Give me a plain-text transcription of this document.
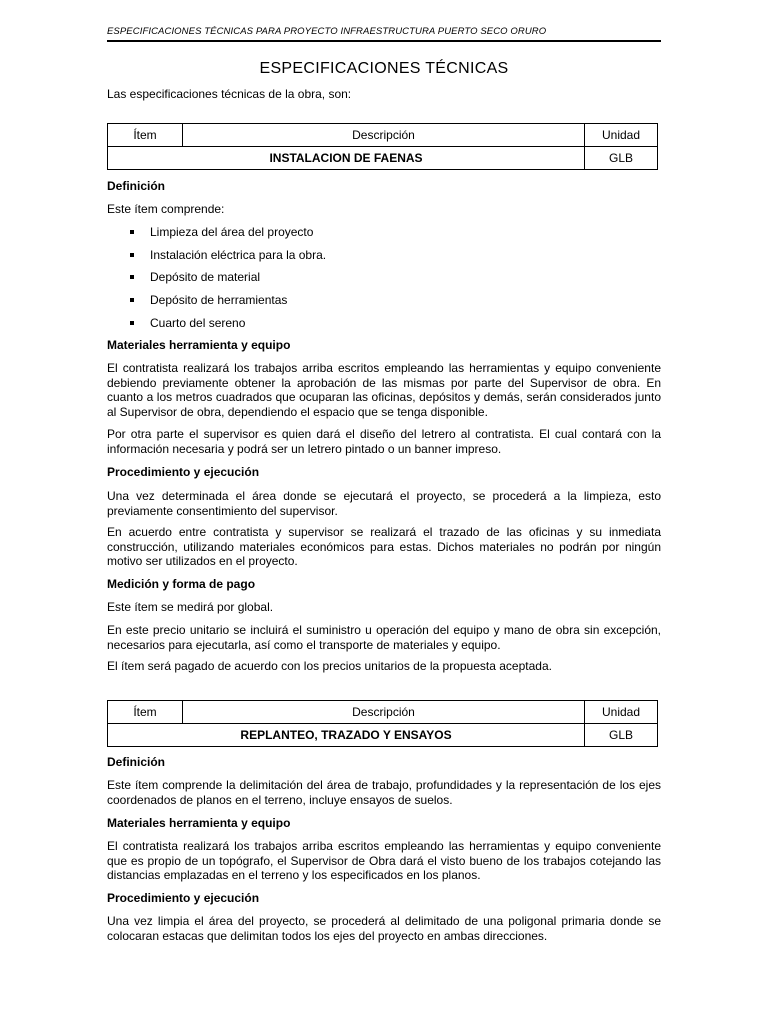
ESPECIFICACIONES TÉCNICAS PARA PROYECTO INFRAESTRUCTURA PUERTO SECO ORURO
ESPECIFICACIONES TÉCNICAS
Las especificaciones técnicas de la obra, son:
Ítem	Descripción	Unidad
INSTALACION DE FAENAS		GLB
Definición
Este ítem comprende:
Limpieza del área del proyecto
Instalación eléctrica para la obra.
Depósito de material
Depósito de herramientas
Cuarto del sereno
Materiales herramienta y equipo
El contratista realizará los trabajos arriba escritos empleando las herramientas y equipo conveniente debiendo previamente obtener la aprobación de las mismas por parte del Supervisor de obra. En cuanto a los metros cuadrados que ocuparan las oficinas, depósitos y demás, serán considerados junto al Supervisor de obra, dependiendo el espacio que se tenga disponible.
Por otra parte el supervisor es quien dará el diseño del letrero al contratista. El cual contará con la información necesaria y podrá ser un letrero pintado o un banner impreso.
Procedimiento y ejecución
Una vez determinada el área donde se ejecutará el proyecto, se procederá a la limpieza, esto previamente consentimiento del supervisor.
En acuerdo entre contratista y supervisor se realizará el trazado de las oficinas y su inmediata construcción, utilizando materiales económicos para estas. Dichos materiales no podrán por ningún motivo ser utilizados en el proyecto.
Medición y forma de pago
Este ítem se medirá por global.
En este precio unitario se incluirá el suministro u operación del equipo y mano de obra sin excepción, necesarios para ejecutarla, así como el transporte de materiales y equipo.
El ítem será pagado de acuerdo con los precios unitarios de la propuesta aceptada.
Ítem	Descripción	Unidad
REPLANTEO, TRAZADO Y ENSAYOS		GLB
Definición
Este ítem comprende la delimitación del área de trabajo, profundidades y la representación de los ejes coordenados de planos en el terreno, incluye ensayos de suelos.
Materiales herramienta y equipo
El contratista realizará los trabajos arriba escritos empleando las herramientas y equipo conveniente que es propio de un topógrafo, el Supervisor de Obra dará el visto bueno de los trabajos cotejando las distancias emplazadas en el terreno y los especificados en los planos.
Procedimiento y ejecución
Una vez limpia el área del proyecto, se procederá al delimitado de una poligonal primaria donde se colocaran estacas que delimitan todos los ejes del proyecto en ambas direcciones.
